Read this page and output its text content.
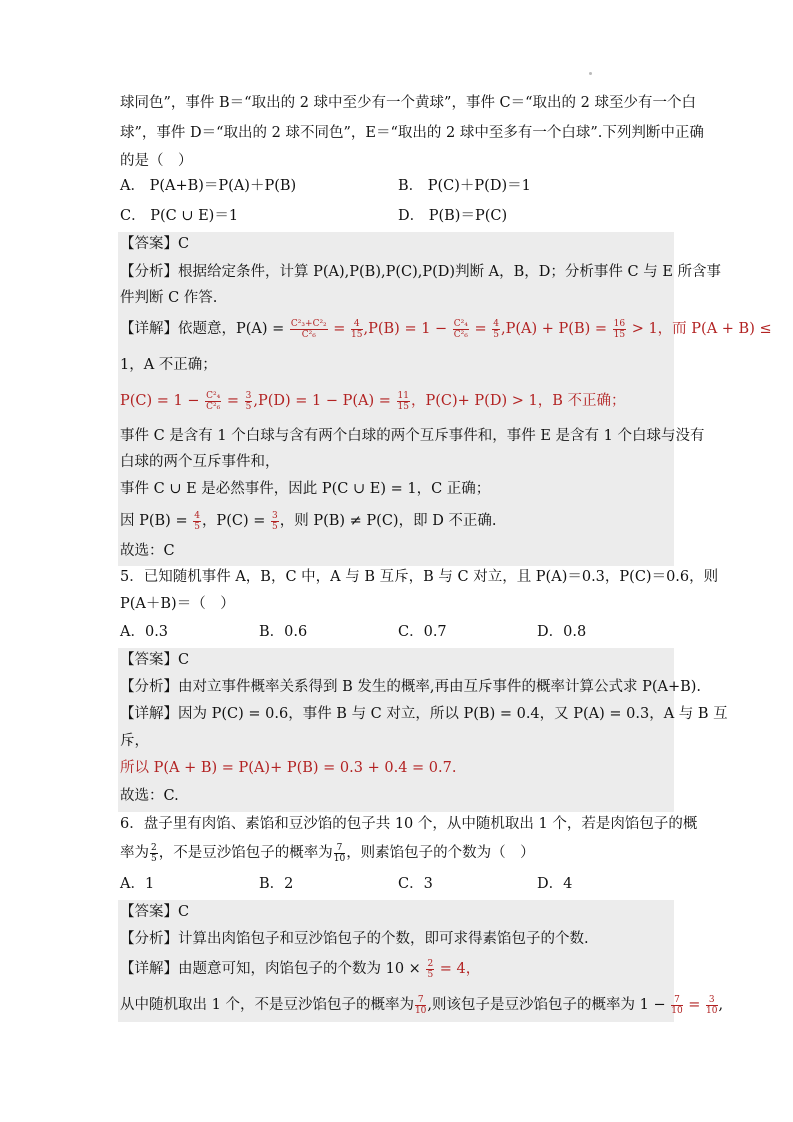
球同色”，事件 B＝“取出的 2 球中至少有一个黄球”，事件 C＝“取出的 2 球至少有一个白
球”，事件 D＝“取出的 2 球不同色”，E＝“取出的 2 球中至多有一个白球”.下列判断中正确
的是（　）
A． P(A+B)＝P(A)＋P(B)	B． P(C)＋P(D)＝1
C． P(C ∪ E)＝1	D． P(B)＝P(C)
【答案】C
【分析】根据给定条件，计算 P(A),P(B),P(C),P(D)判断 A，B，D；分析事件 C 与 E 所含事
件判断 C 作答.
【详解】依题意，$P(A) = \frac{\text{C²₃+C²₂}}{\text{C²₆}} = \frac{4}{15} ,P(B) = 1 - \frac{\text{C²₄}}{\text{C²₆}} = \frac{4}{5} ,P(A) + P(B) = \frac{16}{15} > 1$，而 P(A + B) ≤
1，A 不正确；
$P(C) = 1 - \frac{\text{C²₄}}{\text{C²₆}} = \frac{3}{5} ,P(D) = 1 - P(A) = \frac{11}{15}$ ，P(C)+ P(D) > 1，B 不正确；
事件 C 是含有 1 个白球与含有两个白球的两个互斥事件和，事件 E 是含有 1 个白球与没有
白球的两个互斥事件和，
事件 C ∪ E 是必然事件，因此 P(C ∪ E) = 1，C 正确；
因 $P(B) = \frac{4}{5}$ ，$P(C) = \frac{3}{5}$ ，则 P(B) ≠ P(C)，即 D 不正确.
故选：C
5．已知随机事件 A，B，C 中，A 与 B 互斥，B 与 C 对立，且 P(A)＝0.3，P(C)＝0.6，则
P(A＋B)＝（　）
A．0.3	B．0.6	C．0.7	D．0.8
【答案】C
【分析】由对立事件概率关系得到 B 发生的概率,再由互斥事件的概率计算公式求 P(A+B).
【详解】因为 P(C) = 0.6，事件 B 与 C 对立，所以 P(B) = 0.4，又 P(A) = 0.3，A 与 B 互
斥，
所以 P(A + B) = P(A)+ P(B) = 0.3 + 0.4 = 0.7.
故选：C.
6．盘子里有肉馅、素馅和豆沙馅的包子共 10 个，从中随机取出 1 个，若是肉馅包子的概
率为 $\frac{2}{5}$ ，不是豆沙馅包子的概率为 $\frac{7}{10}$ ，则素馅包子的个数为（　）
A．1	B．2	C．3	D．4
【答案】C
【分析】计算出肉馅包子和豆沙馅包子的个数，即可求得素馅包子的个数.
【详解】由题意可知，肉馅包子的个数为 $10 \times \frac{2}{5} = 4$，
从中随机取出 1 个，不是豆沙馅包子的概率为 $\frac{7}{10}$ ,则该包子是豆沙馅包子的概率为 $1 - \frac{7}{10} = \frac{3}{10}$ ,
